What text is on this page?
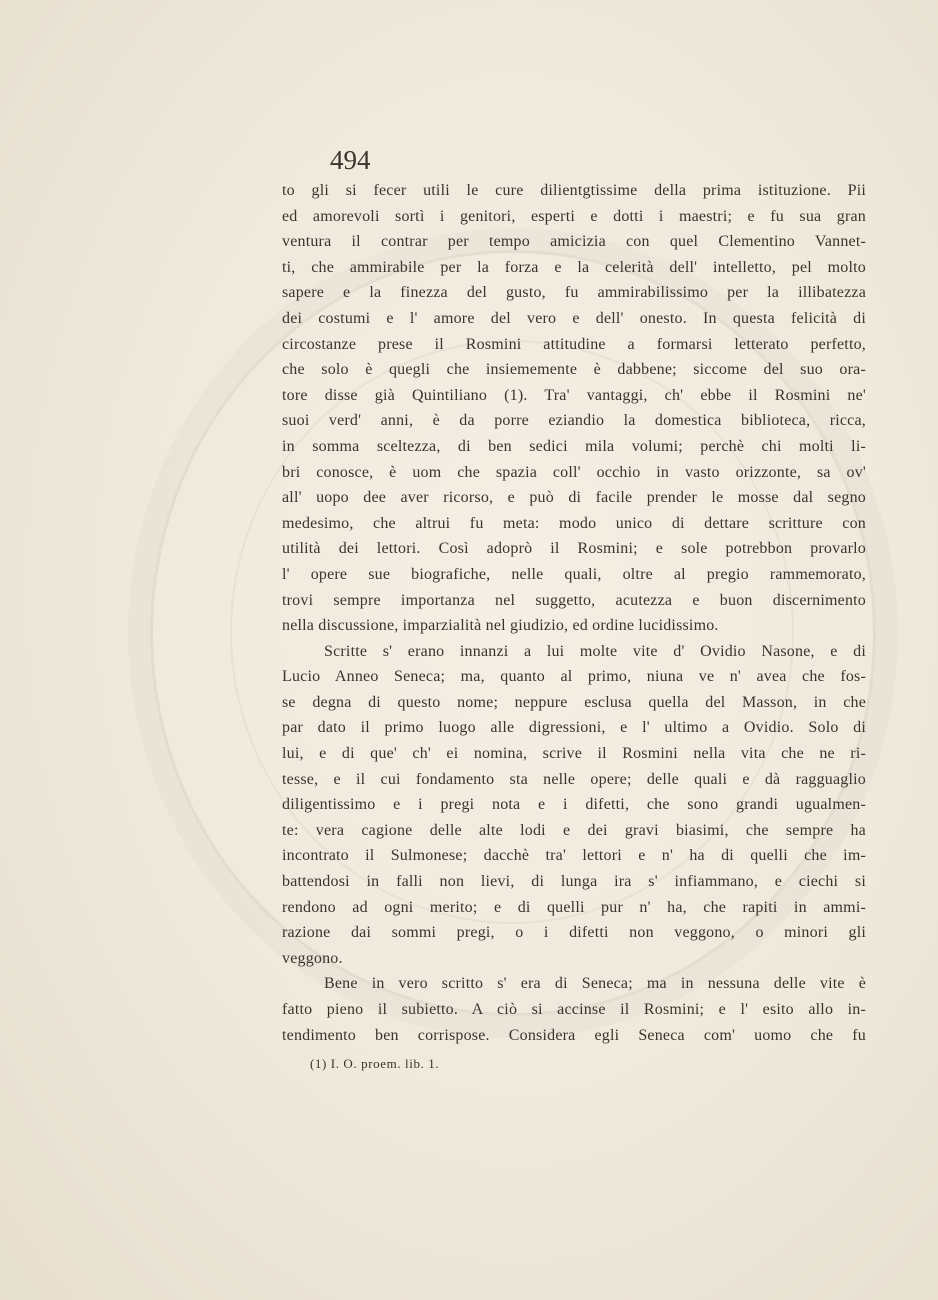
494
to gli si fecer utili le cure dilientgtissime della prima istituzione. Pii
ed amorevoli sortì i genitori, esperti e dotti i maestri; e fu sua gran
ventura il contrar per tempo amicizia con quel Clementino Vannet-
ti, che ammirabile per la forza e la celerità dell' intelletto, pel molto
sapere e la finezza del gusto, fu ammirabilissimo per la illibatezza
dei costumi e l' amore del vero e dell' onesto. In questa felicità di
circostanze prese il Rosmini attitudine a formarsi letterato perfetto,
che solo è quegli che insiememente è dabbene; siccome del suo ora-
tore disse già Quintiliano (1). Tra' vantaggi, ch' ebbe il Rosmini ne'
suoi verd' anni, è da porre eziandio la domestica biblioteca, ricca,
in somma sceltezza, di ben sedici mila volumi; perchè chi molti li-
bri conosce, è uom che spazia coll' occhio in vasto orizzonte, sa ov'
all' uopo dee aver ricorso, e può di facile prender le mosse dal segno
medesimo, che altrui fu meta: modo unico di dettare scritture con
utilità dei lettori. Così adoprò il Rosmini; e sole potrebbon provarlo
l' opere sue biografiche, nelle quali, oltre al pregio rammemorato,
trovi sempre importanza nel suggetto, acutezza e buon discernimento
nella discussione, imparzialità nel giudizio, ed ordine lucidissimo.
Scritte s' erano innanzi a lui molte vite d' Ovidio Nasone, e di
Lucio Anneo Seneca; ma, quanto al primo, niuna ve n' avea che fos-
se degna di questo nome; neppure esclusa quella del Masson, in che
par dato il primo luogo alle digressioni, e l' ultimo a Ovidio. Solo di
lui, e di que' ch' ei nomina, scrive il Rosmini nella vita che ne ri-
tesse, e il cui fondamento sta nelle opere; delle quali e dà ragguaglio
diligentissimo e i pregi nota e i difetti, che sono grandi ugualmen-
te: vera cagione delle alte lodi e dei gravi biasimi, che sempre ha
incontrato il Sulmonese; dacchè tra' lettori e n' ha di quelli che im-
battendosi in falli non lievi, di lunga ira s' infiammano, e ciechi si
rendono ad ogni merito; e di quelli pur n' ha, che rapiti in ammi-
razione dai sommi pregi, o i difetti non veggono, o minori gli
veggono.
Bene in vero scritto s' era di Seneca; ma in nessuna delle vite è
fatto pieno il subietto. A ciò si accinse il Rosmini; e l' esito allo in-
tendimento ben corrispose. Considera egli Seneca com' uomo che fu
(1) I. O. proem. lib. 1.
